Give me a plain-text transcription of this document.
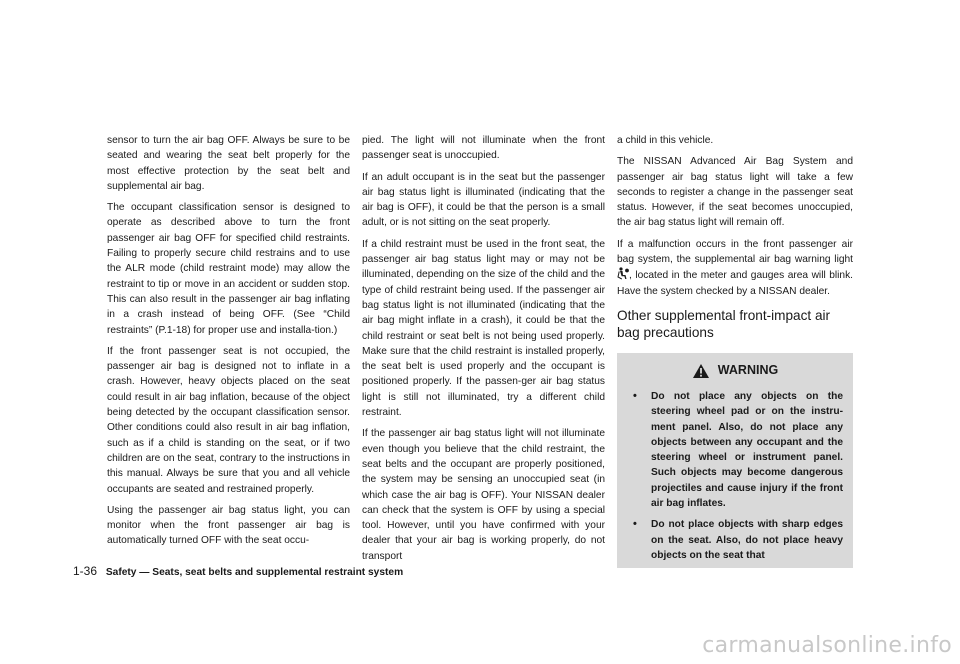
sensor to turn the air bag OFF. Always be sure to be seated and wearing the seat belt properly for the most effective protection by the seat belt and supplemental air bag.

The occupant classification sensor is designed to operate as described above to turn the front passenger air bag OFF for specified child restraints. Failing to properly secure child restrains and to use the ALR mode (child restraint mode) may allow the restraint to tip or move in an accident or sudden stop. This can also result in the passenger air bag inflating in a crash instead of being OFF. (See “Child restraints” (P.1-18) for proper use and installa-tion.)

If the front passenger seat is not occupied, the passenger air bag is designed not to inflate in a crash. However, heavy objects placed on the seat could result in air bag inflation, because of the object being detected by the occupant classification sensor. Other conditions could also result in air bag inflation, such as if a child is standing on the seat, or if two children are on the seat, contrary to the instructions in this manual. Always be sure that you and all vehicle occupants are seated and restrained properly.

Using the passenger air bag status light, you can monitor when the front passenger air bag is automatically turned OFF with the seat occu-

pied. The light will not illuminate when the front passenger seat is unoccupied.

If an adult occupant is in the seat but the passenger air bag status light is illuminated (indicating that the air bag is OFF), it could be that the person is a small adult, or is not sitting on the seat properly.

If a child restraint must be used in the front seat, the passenger air bag status light may or may not be illuminated, depending on the size of the child and the type of child restraint being used. If the passenger air bag status light is not illuminated (indicating that the air bag might inflate in a crash), it could be that the child restraint or seat belt is not being used properly. Make sure that the child restraint is installed properly, the seat belt is used properly and the occupant is positioned properly. If the passen-ger air bag status light is still not illuminated, try a different child restraint.

If the passenger air bag status light will not illuminate even though you believe that the child restraint, the seat belts and the occupant are properly positioned, the system may be sensing an unoccupied seat (in which case the air bag is OFF). Your NISSAN dealer can check that the system is OFF by using a special tool. However, until you have confirmed with your dealer that your air bag is working properly, do not transport

a child in this vehicle.

The NISSAN Advanced Air Bag System and passenger air bag status light will take a few seconds to register a change in the passenger seat status. However, if the seat becomes unoccupied, the air bag status light will remain off.

If a malfunction occurs in the front passenger air bag system, the supplemental air bag warning light , located in the meter and gauges area will blink. Have the system checked by a NISSAN dealer.

Other supplemental front-impact air bag precautions
WARNING
• Do not place any objects on the steering wheel pad or on the instru-ment panel. Also, do not place any objects between any occupant and the steering wheel or instrument panel. Such objects may become dangerous projectiles and cause injury if the front air bag inflates.
• Do not place objects with sharp edges on the seat. Also, do not place heavy objects on the seat that
1-36 Safety — Seats, seat belts and supplemental restraint system
carmanualsonline.info
